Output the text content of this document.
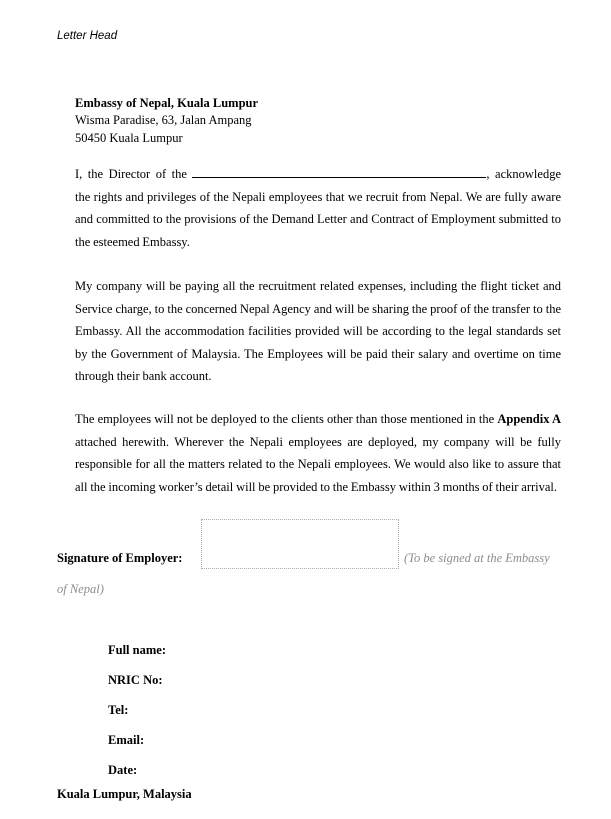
Letter Head
Embassy of Nepal, Kuala Lumpur
Wisma Paradise, 63, Jalan Ampang
50450 Kuala Lumpur

I, the Director of the	, acknowledge the rights and privileges of the Nepali employees that we recruit from Nepal. We are fully aware and committed to the provisions of the Demand Letter and Contract of Employment submitted to the esteemed Embassy.

My company will be paying all the recruitment related expenses, including the flight ticket and Service charge, to the concerned Nepal Agency and will be sharing the proof of the transfer to the Embassy. All the accommodation facilities provided will be according to the legal standards set by the Government of Malaysia. The Employees will be paid their salary and overtime on time through their bank account.

The employees will not be deployed to the clients other than those mentioned in the Appendix A attached herewith. Wherever the Nepali employees are deployed, my company will be fully responsible for all the matters related to the Nepali employees. We would also like to assure that all the incoming worker’s detail will be provided to the Embassy within 3 months of their arrival.

Signature of Employer:	(To be signed at the Embassy
of Nepal)
Full name:
NRIC No:
Tel:
Email:
Date:
Kuala Lumpur, Malaysia
